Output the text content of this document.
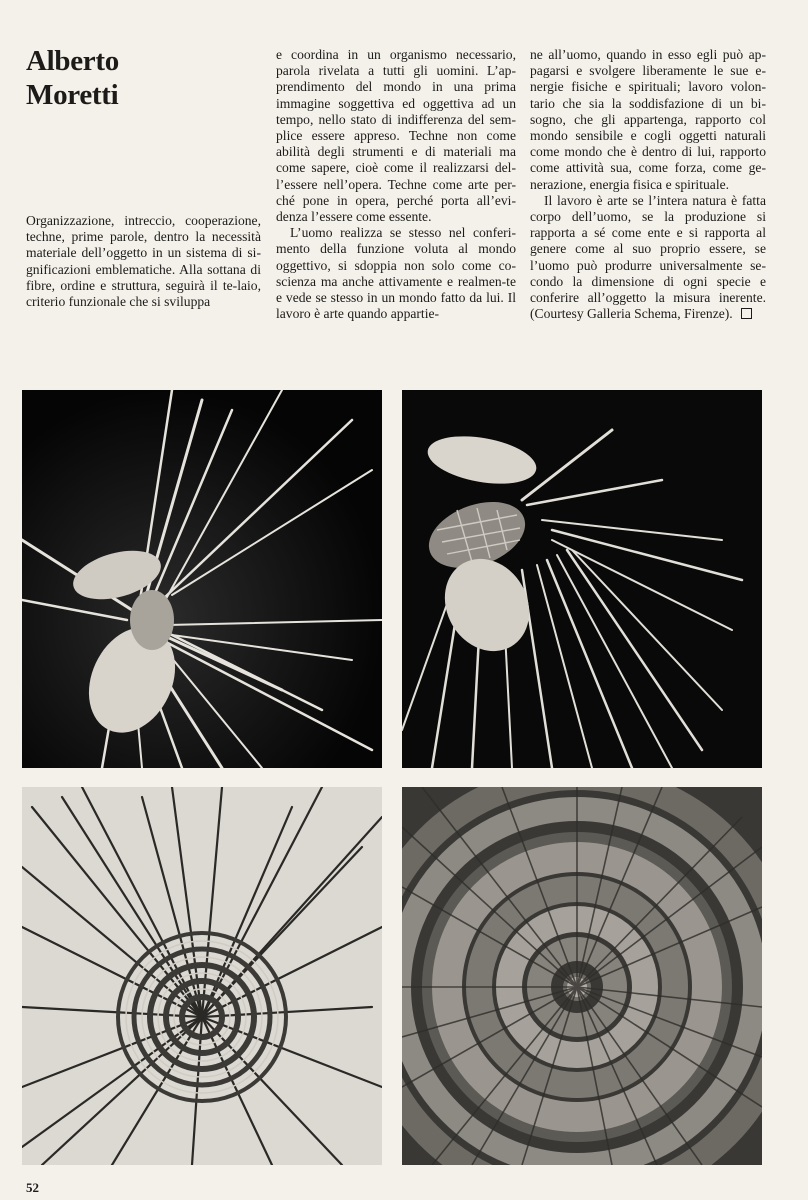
Alberto
Moretti

Organizzazione, intreccio, cooperazione, techne, prime parole, dentro la necessità materiale dell’oggetto in un sistema di si-gnificazioni emblematiche. Alla sottana di fibre, ordine e struttura, seguirà il te-laio, criterio funzionale che si sviluppa

e coordina in un organismo necessario, parola rivelata a tutti gli uomini. L’ap-prendimento del mondo in una prima immagine soggettiva ed oggettiva ad un tempo, nello stato di indifferenza del sem-plice essere appreso. Techne non come abilità degli strumenti e di materiali ma come sapere, cioè come il realizzarsi del-l’essere nell’opera. Techne come arte per-ché pone in opera, perché porta all’evi-denza l’essere come essente.

L’uomo realizza se stesso nel conferi-mento della funzione voluta al mondo oggettivo, si sdoppia non solo come co-scienza ma anche attivamente e realmen-te e vede se stesso in un mondo fatto da lui. Il lavoro è arte quando appartie-

ne all’uomo, quando in esso egli può ap-pagarsi e svolgere liberamente le sue e-nergie fisiche e spirituali; lavoro volon-tario che sia la soddisfazione di un bi-sogno, che gli appartenga, rapporto col mondo sensibile e cogli oggetti naturali come mondo che è dentro di lui, rapporto come attività sua, come forza, come ge-nerazione, energia fisica e spirituale.

Il lavoro è arte se l’intera natura è fatta corpo dell’uomo, se la produzione si rapporta a sé come ente e si rapporta al genere come al suo proprio essere, se l’uomo può produrre universalmente se-condo la dimensione di ogni specie e conferire all’oggetto la misura inerente. (Courtesy Galleria Schema, Firenze).

52
